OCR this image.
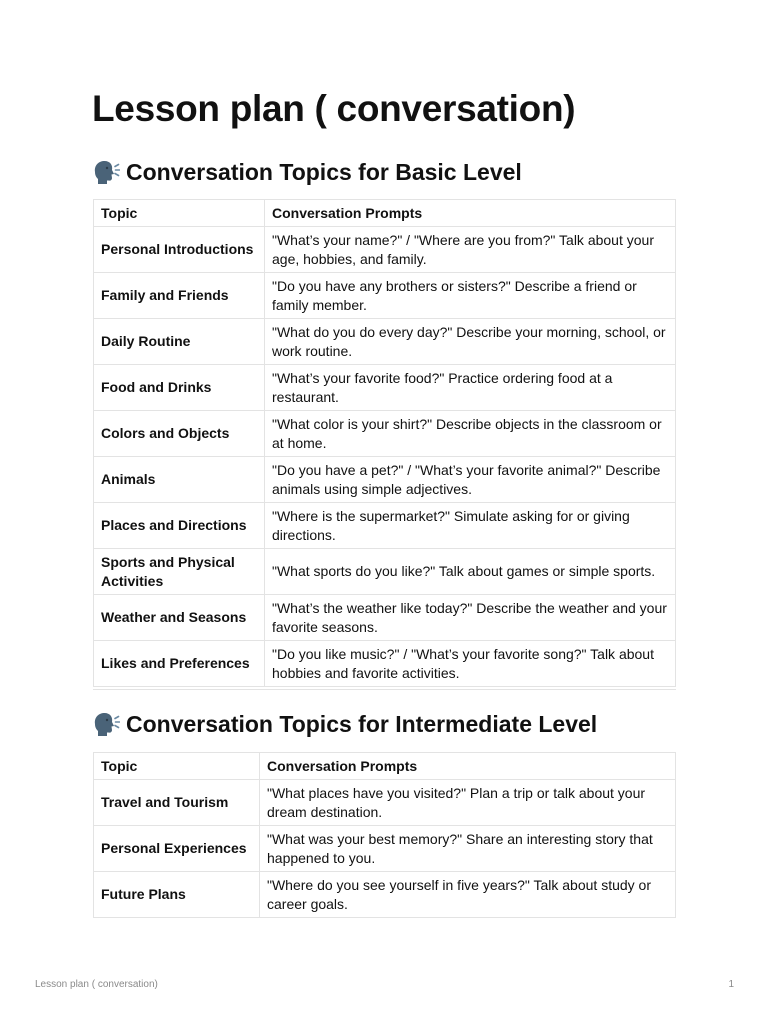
Lesson plan ( conversation)
Conversation Topics for Basic Level
Topic	Conversation Prompts
Personal Introductions	"What’s your name?" / "Where are you from?" Talk about your age, hobbies, and family.
Family and Friends	"Do you have any brothers or sisters?" Describe a friend or family member.
Daily Routine	"What do you do every day?" Describe your morning, school, or work routine.
Food and Drinks	"What’s your favorite food?" Practice ordering food at a restaurant.
Colors and Objects	"What color is your shirt?" Describe objects in the classroom or at home.
Animals	"Do you have a pet?" / "What’s your favorite animal?" Describe animals using simple adjectives.
Places and Directions	"Where is the supermarket?" Simulate asking for or giving directions.
Sports and Physical Activities	"What sports do you like?" Talk about games or simple sports.
Weather and Seasons	"What’s the weather like today?" Describe the weather and your favorite seasons.
Likes and Preferences	"Do you like music?" / "What’s your favorite song?" Talk about hobbies and favorite activities.
Conversation Topics for Intermediate Level
Topic	Conversation Prompts
Travel and Tourism	"What places have you visited?" Plan a trip or talk about your dream destination.
Personal Experiences	"What was your best memory?" Share an interesting story that happened to you.
Future Plans	"Where do you see yourself in five years?" Talk about study or career goals.
Lesson plan ( conversation)	1
